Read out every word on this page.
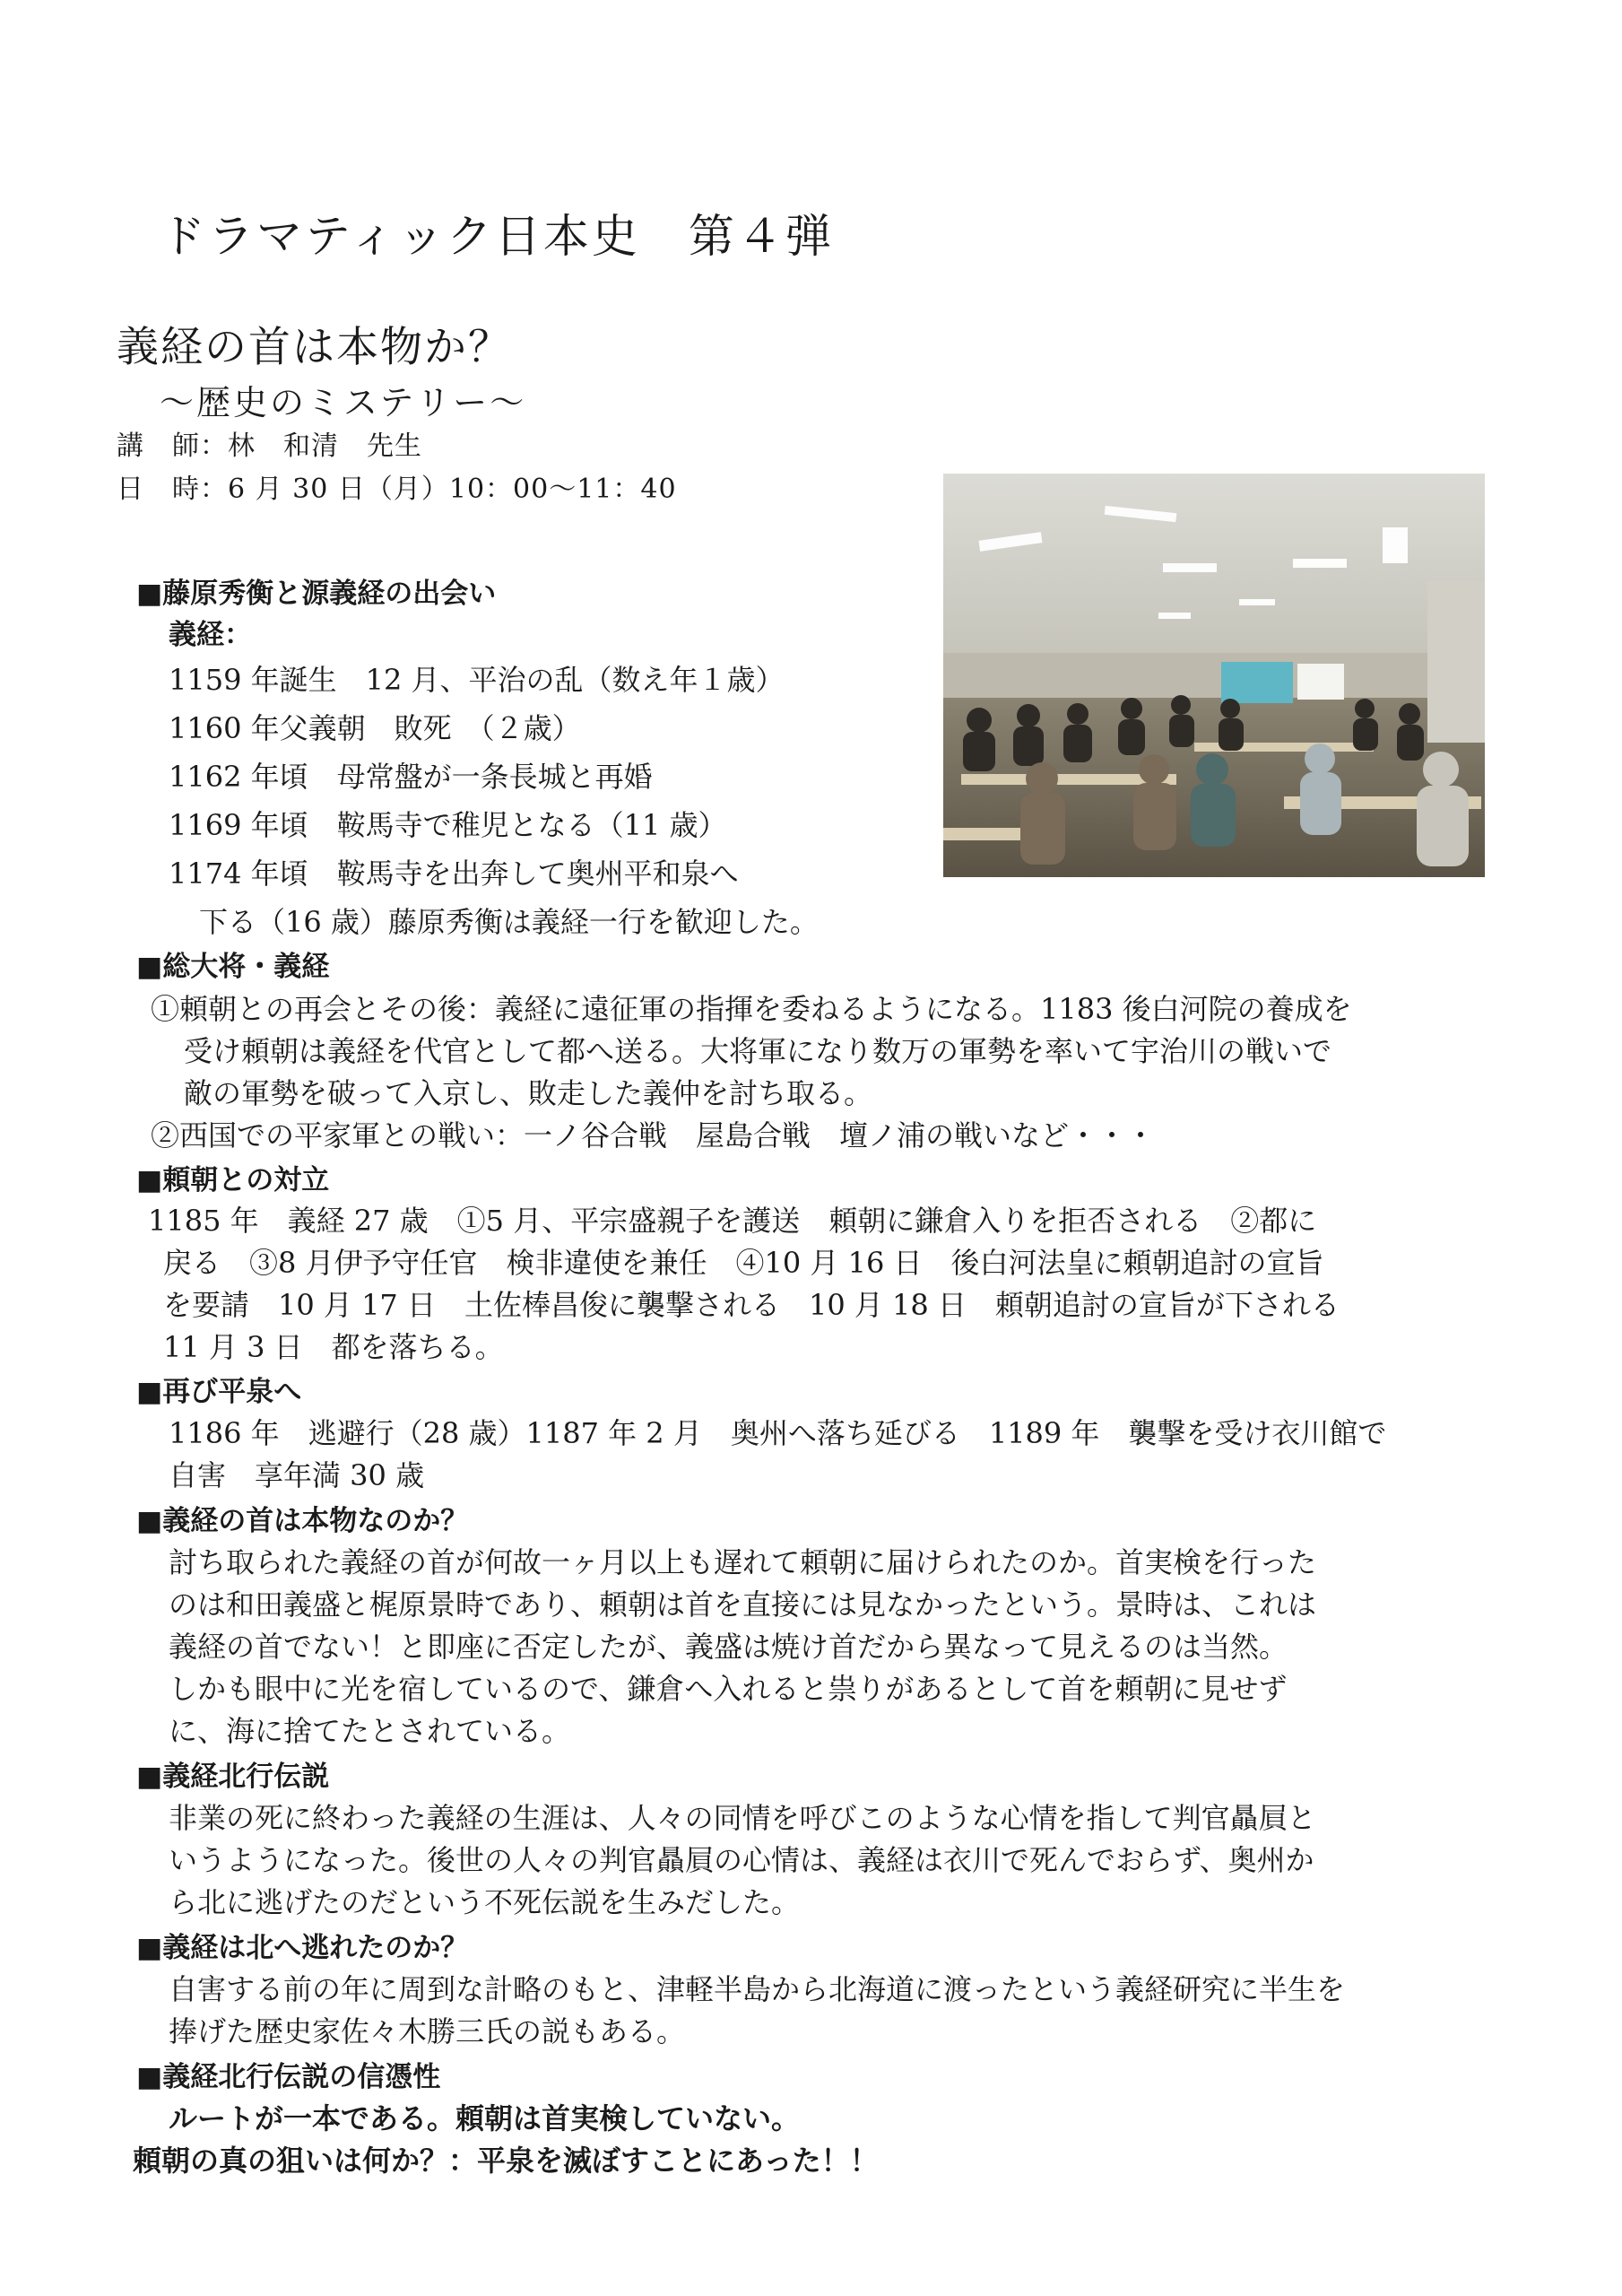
ドラマティック日本史　第４弾
義経の首は本物か？
～歴史のミステリー～
講　師：林　和清　先生
日　時：6 月 30 日（月）10：00～11：40
■藤原秀衡と源義経の出会い
義経：
1159 年誕生　12 月、平治の乱（数え年１歳）
1160 年父義朝　敗死　（２歳）
1162 年頃　母常盤が一条長城と再婚
1169 年頃　鞍馬寺で稚児となる（11 歳）
1174 年頃　鞍馬寺を出奔して奥州平和泉へ
下る（16 歳）藤原秀衡は義経一行を歓迎した。
■総大将・義経
①頼朝との再会とその後：義経に遠征軍の指揮を委ねるようになる。1183 後白河院の養成を
受け頼朝は義経を代官として都へ送る。大将軍になり数万の軍勢を率いて宇治川の戦いで
敵の軍勢を破って入京し、敗走した義仲を討ち取る。
②西国での平家軍との戦い：一ノ谷合戦　屋島合戦　壇ノ浦の戦いなど・・・
■頼朝との対立
1185 年　義経 27 歳　①5 月、平宗盛親子を護送　頼朝に鎌倉入りを拒否される　②都に
戻る　③8 月伊予守任官　検非違使を兼任　④10 月 16 日　後白河法皇に頼朝追討の宣旨
を要請　10 月 17 日　土佐棒昌俊に襲撃される　10 月 18 日　頼朝追討の宣旨が下される
11 月 3 日　都を落ちる。
■再び平泉へ
1186 年　逃避行（28 歳）1187 年 2 月　奥州へ落ち延びる　1189 年　襲撃を受け衣川館で
自害　享年満 30 歳
■義経の首は本物なのか？
討ち取られた義経の首が何故一ヶ月以上も遅れて頼朝に届けられたのか。首実検を行った
のは和田義盛と梶原景時であり、頼朝は首を直接には見なかったという。景時は、これは
義経の首でない！と即座に否定したが、義盛は焼け首だから異なって見えるのは当然。
しかも眼中に光を宿しているので、鎌倉へ入れると祟りがあるとして首を頼朝に見せず
に、海に捨てたとされている。
■義経北行伝説
非業の死に終わった義経の生涯は、人々の同情を呼びこのような心情を指して判官贔屓と
いうようになった。後世の人々の判官贔屓の心情は、義経は衣川で死んでおらず、奥州か
ら北に逃げたのだという不死伝説を生みだした。
■義経は北へ逃れたのか？
自害する前の年に周到な計略のもと、津軽半島から北海道に渡ったという義経研究に半生を
捧げた歴史家佐々木勝三氏の説もある。
■義経北行伝説の信憑性
ルートが一本である。頼朝は首実検していない。
頼朝の真の狙いは何か？：平泉を滅ぼすことにあった！！
